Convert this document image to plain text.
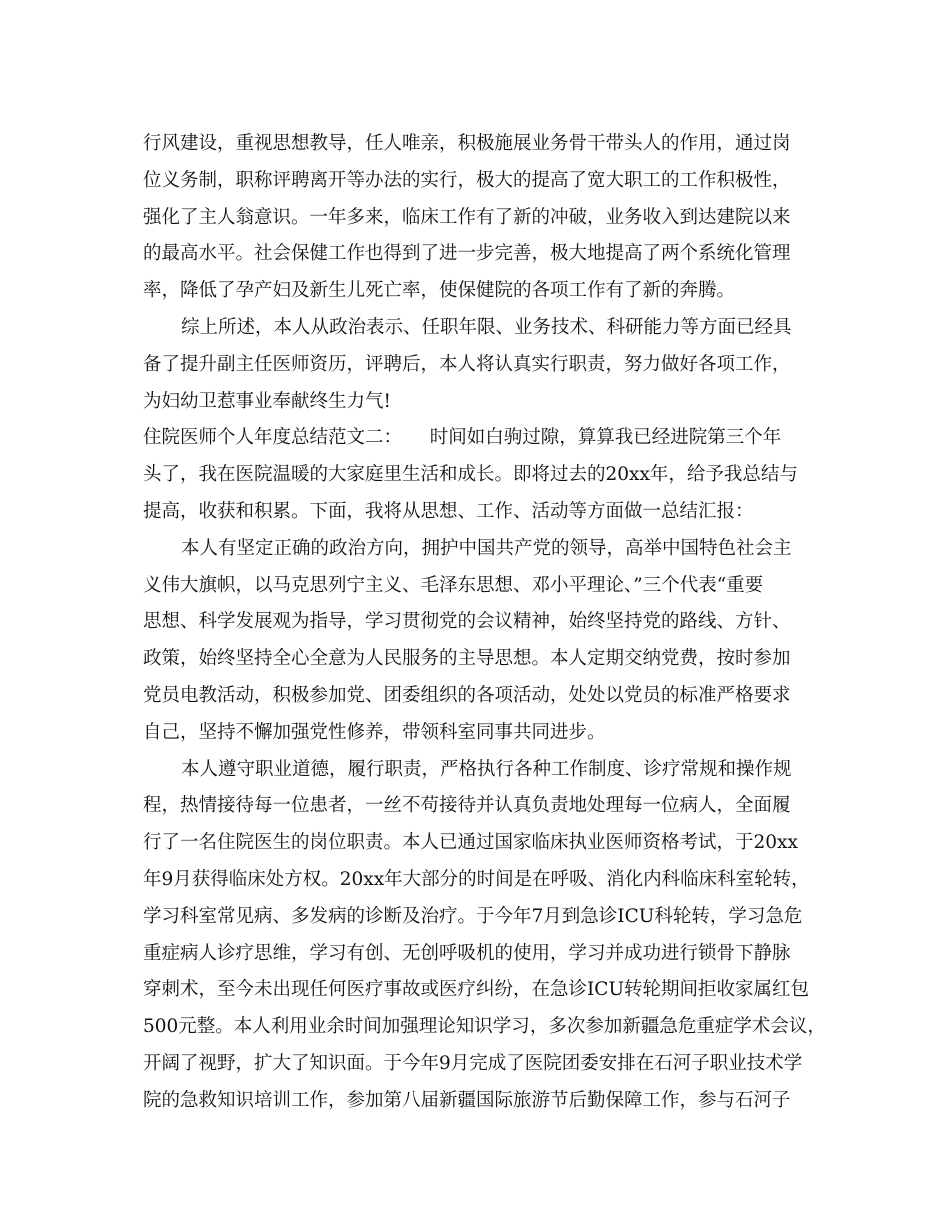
行风建设，重视思想教导，任人唯亲，积极施展业务骨干带头人的作用，通过岗
位义务制，职称评聘离开等办法的实行，极大的提高了宽大职工的工作积极性，
强化了主人翁意识。一年多来，临床工作有了新的冲破，业务收入到达建院以来
的最高水平。社会保健工作也得到了进一步完善，极大地提高了两个系统化管理
率，降低了孕产妇及新生儿死亡率，使保健院的各项工作有了新的奔腾。
综上所述，本人从政治表示、任职年限、业务技术、科研能力等方面已经具
备了提升副主任医师资历，评聘后，本人将认真实行职责，努力做好各项工作，
为妇幼卫惹事业奉献终生力气!
住院医师个人年度总结范文二：　　时间如白驹过隙，算算我已经进院第三个年
头了，我在医院温暖的大家庭里生活和成长。即将过去的20xx年，给予我总结与
提高，收获和积累。下面，我将从思想、工作、活动等方面做一总结汇报：
本人有坚定正确的政治方向，拥护中国共产党的领导，高举中国特色社会主
义伟大旗帜，以马克思列宁主义、毛泽东思想、邓小平理论、”三个代表“重要
思想、科学发展观为指导，学习贯彻党的会议精神，始终坚持党的路线、方针、
政策，始终坚持全心全意为人民服务的主导思想。本人定期交纳党费，按时参加
党员电教活动，积极参加党、团委组织的各项活动，处处以党员的标准严格要求
自己，坚持不懈加强党性修养，带领科室同事共同进步。
本人遵守职业道德，履行职责，严格执行各种工作制度、诊疗常规和操作规
程，热情接待每一位患者，一丝不苟接待并认真负责地处理每一位病人，全面履
行了一名住院医生的岗位职责。本人已通过国家临床执业医师资格考试，于20xx
年9月获得临床处方权。20xx年大部分的时间是在呼吸、消化内科临床科室轮转，
学习科室常见病、多发病的诊断及治疗。于今年7月到急诊ICU科轮转，学习急危
重症病人诊疗思维，学习有创、无创呼吸机的使用，学习并成功进行锁骨下静脉
穿刺术，至今未出现任何医疗事故或医疗纠纷，在急诊ICU转轮期间拒收家属红包
500元整。本人利用业余时间加强理论知识学习，多次参加新疆急危重症学术会议，
开阔了视野，扩大了知识面。于今年9月完成了医院团委安排在石河子职业技术学
院的急救知识培训工作，参加第八届新疆国际旅游节后勤保障工作，参与石河子
